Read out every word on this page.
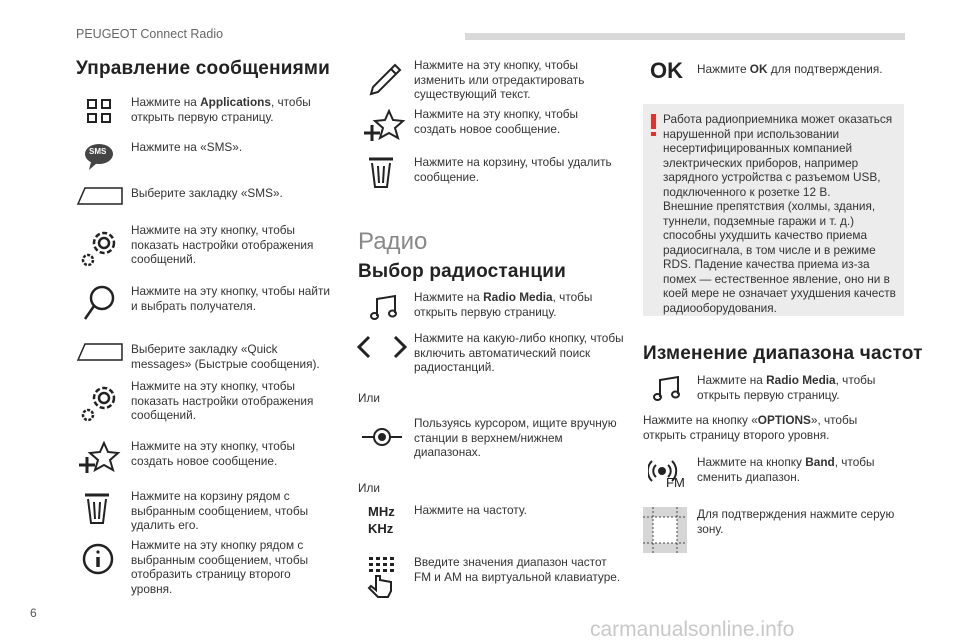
PEUGEOT Connect Radio
Управление сообщениями
Нажмите на Applications, чтобы открыть первую страницу.
SMS Нажмите на «SMS».
Выберите закладку «SMS».
Нажмите на эту кнопку, чтобы показать настройки отображения сообщений.
Нажмите на эту кнопку, чтобы найти и выбрать получателя.
Выберите закладку «Quick messages» (Быстрые сообщения).
Нажмите на эту кнопку, чтобы показать настройки отображения сообщений.
Нажмите на эту кнопку, чтобы создать новое сообщение.
Нажмите на корзину рядом с выбранным сообщением, чтобы удалить его.
Нажмите на эту кнопку рядом с выбранным сообщением, чтобы отобразить страницу второго уровня.
Нажмите на эту кнопку, чтобы изменить или отредактировать существующий текст.
Нажмите на эту кнопку, чтобы создать новое сообщение.
Нажмите на корзину, чтобы удалить сообщение.
Радио
Выбор радиостанции
Нажмите на Radio Media, чтобы открыть первую страницу.
Нажмите на какую-либо кнопку, чтобы включить автоматический поиск радиостанций.
Или
Пользуясь курсором, ищите вручную станции в верхнем/нижнем диапазонах.
Или
MHz
KHz
Нажмите на частоту.
Введите значения диапазон частот FM и АМ на виртуальной клавиатуре.
OK Нажмите OK для подтверждения.
Работа радиоприемника может оказаться нарушенной при использовании несертифицированных компанией электрических приборов, например зарядного устройства с разъемом USB, подключенного к розетке 12 В.
Внешние препятствия (холмы, здания, туннели, подземные гаражи и т. д.) способны ухудшить качество приема радиосигнала, в том числе и в режиме RDS. Падение качества приема из-за помех — естественное явление, оно ни в коей мере не означает ухудшения качеств радиооборудования.
Изменение диапазона частот
Нажмите на Radio Media, чтобы открыть первую страницу.
Нажмите на кнопку «OPTIONS», чтобы открыть страницу второго уровня.
FM
Нажмите на кнопку Band, чтобы сменить диапазон.
Для подтверждения нажмите серую зону.
6
carmanualsonline.info
